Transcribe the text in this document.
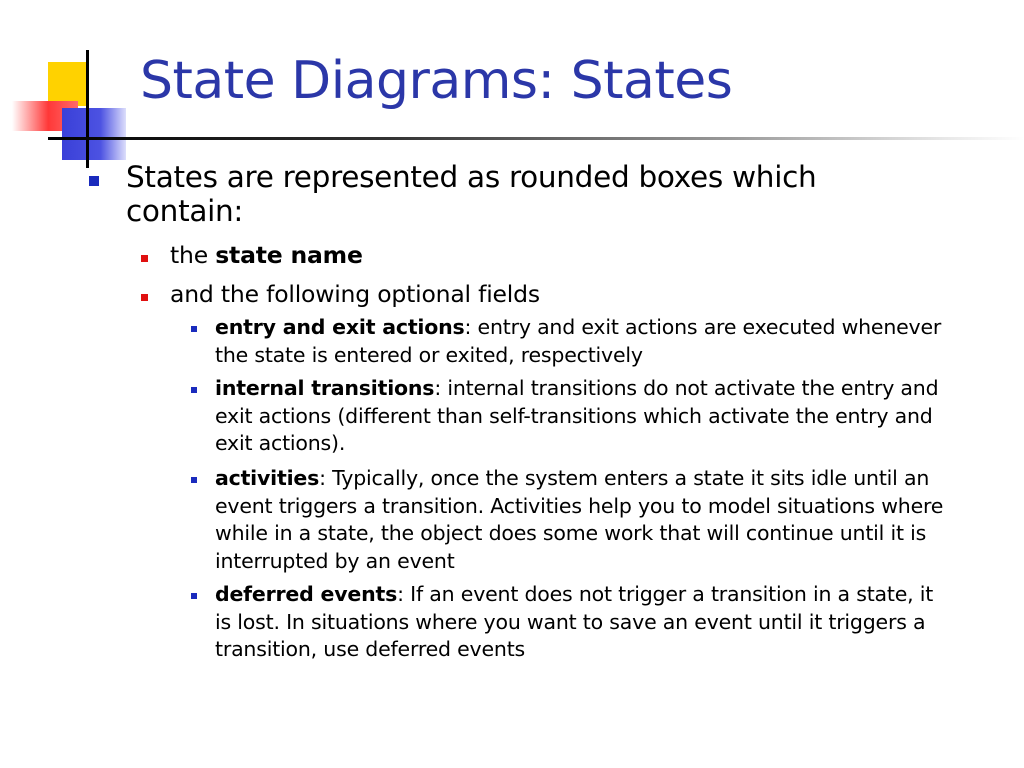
State Diagrams: States
States are represented as rounded boxes which contain:
the state name
and the following optional fields
entry and exit actions: entry and exit actions are executed whenever the state is entered or exited, respectively
internal transitions: internal transitions do not activate the entry and exit actions (different than self-transitions which activate the entry and exit actions).
activities: Typically, once the system enters a state it sits idle until an event triggers a transition. Activities help you to model situations where while in a state, the object does some work that will continue until it is interrupted by an event
deferred events: If an event does not trigger a transition in a state, it is lost. In situations where you want to save an event until it triggers a transition, use deferred events
